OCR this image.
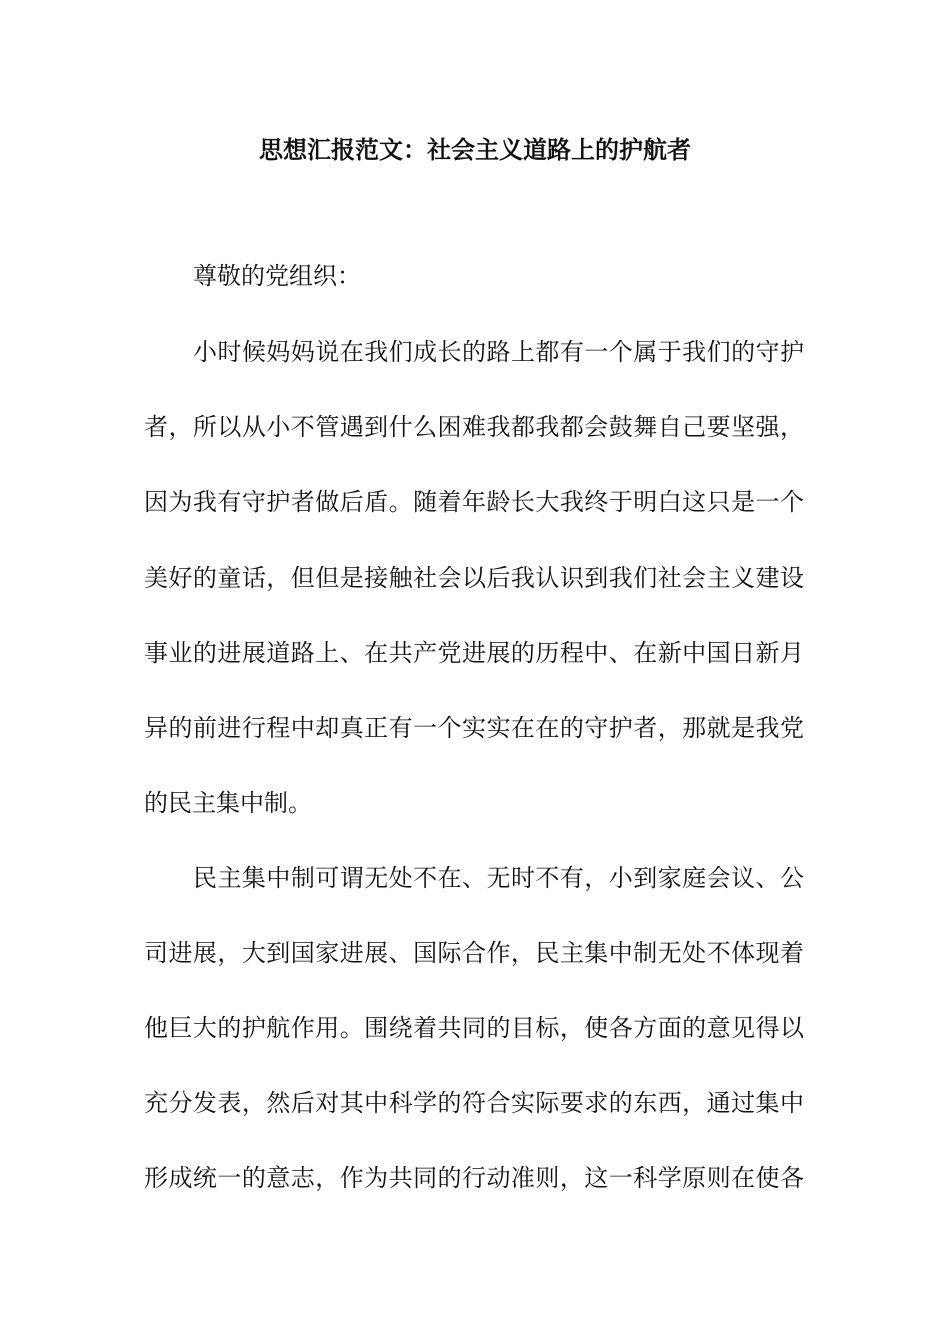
思想汇报范文：社会主义道路上的护航者
尊敬的党组织：
小时候妈妈说在我们成长的路上都有一个属于我们的守护
者，所以从小不管遇到什么困难我都我都会鼓舞自己要坚强，
因为我有守护者做后盾。随着年龄长大我终于明白这只是一个
美好的童话，但但是接触社会以后我认识到我们社会主义建设
事业的进展道路上、在共产党进展的历程中、在新中国日新月
异的前进行程中却真正有一个实实在在的守护者，那就是我党
的民主集中制。
民主集中制可谓无处不在、无时不有，小到家庭会议、公
司进展，大到国家进展、国际合作，民主集中制无处不体现着
他巨大的护航作用。围绕着共同的目标，使各方面的意见得以
充分发表，然后对其中科学的符合实际要求的东西，通过集中
形成统一的意志，作为共同的行动准则，这一科学原则在使各
